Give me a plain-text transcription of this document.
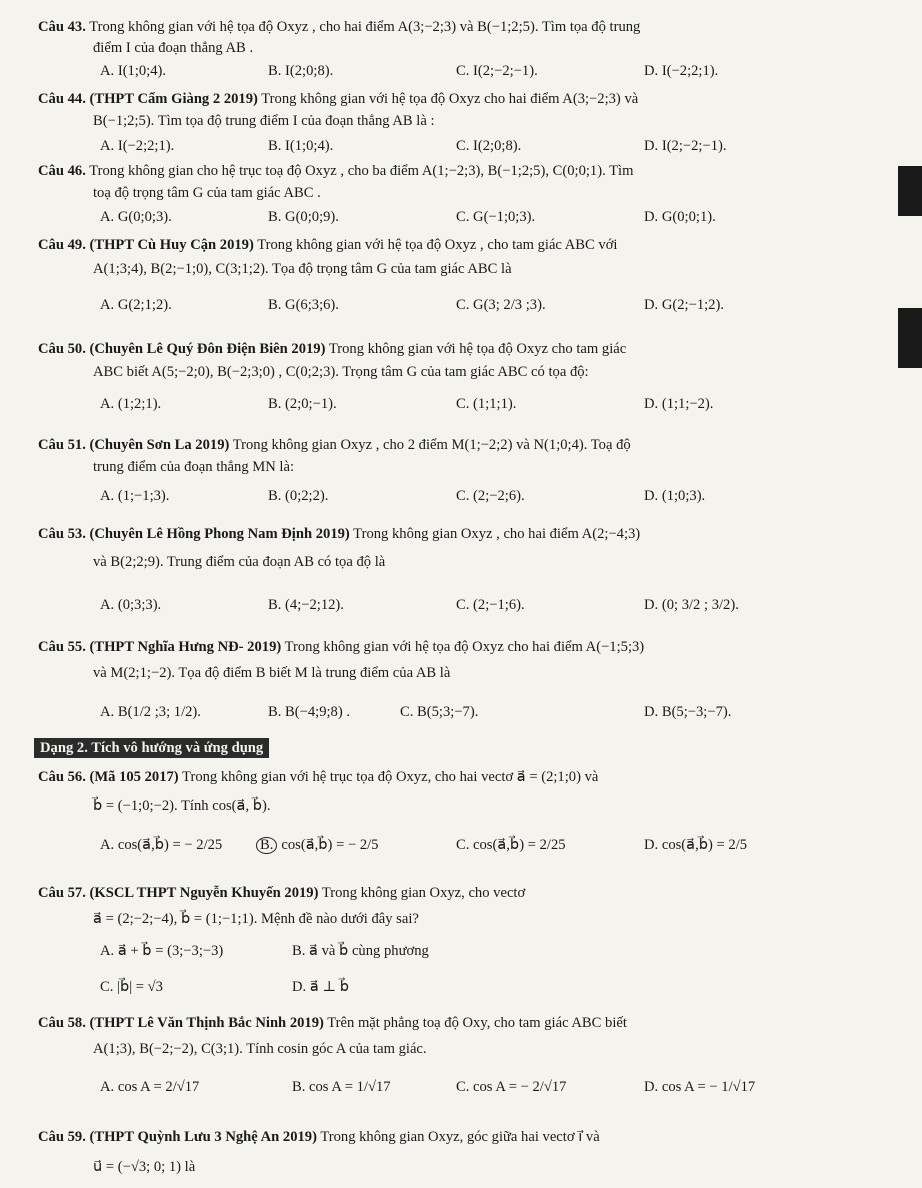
Câu 43. Trong không gian với hệ tọa độ Oxyz , cho hai điểm A(3;−2;3) và B(−1;2;5). Tìm tọa độ trung
điểm I của đoạn thẳng AB .
A. I(1;0;4).	B. I(2;0;8).	C. I(2;−2;−1).	D. I(−2;2;1).
Câu 44. (THPT Cẩm Giàng 2 2019) Trong không gian với hệ tọa độ Oxyz cho hai điểm A(3;−2;3) và
B(−1;2;5). Tìm tọa độ trung điểm I của đoạn thẳng AB là :
A. I(−2;2;1).	B. I(1;0;4).	C. I(2;0;8).	D. I(2;−2;−1).
Câu 46. Trong không gian cho hệ trục toạ độ Oxyz , cho ba điểm A(1;−2;3), B(−1;2;5), C(0;0;1). Tìm
toạ độ trọng tâm G của tam giác ABC .
A. G(0;0;3).	B. G(0;0;9).	C. G(−1;0;3).	D. G(0;0;1).
Câu 49. (THPT Cù Huy Cận 2019) Trong không gian với hệ tọa độ Oxyz , cho tam giác ABC với
A(1;3;4), B(2;−1;0), C(3;1;2). Tọa độ trọng tâm G của tam giác ABC là
A. G(2;1;2).	B. G(6;3;6).	C. G(3; 2/3 ;3).	D. G(2;−1;2).
Câu 50. (Chuyên Lê Quý Đôn Điện Biên 2019) Trong không gian với hệ tọa độ Oxyz cho tam giác
ABC biết A(5;−2;0), B(−2;3;0) , C(0;2;3). Trọng tâm G của tam giác ABC có tọa độ:
A. (1;2;1).	B. (2;0;−1).	C. (1;1;1).	D. (1;1;−2).
Câu 51. (Chuyên Sơn La 2019) Trong không gian Oxyz , cho 2 điểm M(1;−2;2) và N(1;0;4). Toạ độ
trung điểm của đoạn thẳng MN là:
A. (1;−1;3).	B. (0;2;2).	C. (2;−2;6).	D. (1;0;3).
Câu 53. (Chuyên Lê Hồng Phong Nam Định 2019) Trong không gian Oxyz , cho hai điểm A(2;−4;3)
và B(2;2;9). Trung điểm của đoạn AB có tọa độ là
A. (0;3;3).	B. (4;−2;12).	C. (2;−1;6).	D. (0; 3/2 ; 3/2).
Câu 55. (THPT Nghĩa Hưng NĐ- 2019) Trong không gian với hệ tọa độ Oxyz cho hai điểm A(−1;5;3)
và M(2;1;−2). Tọa độ điểm B biết M là trung điểm của AB là
A. B(1/2 ;3; 1/2).	B. B(−4;9;8) .	C. B(5;3;−7).	D. B(5;−3;−7).
Dạng 2. Tích vô hướng và ứng dụng
Câu 56. (Mã 105 2017) Trong không gian với hệ trục tọa độ Oxyz, cho hai vectơ a⃗ = (2;1;0) và
b⃗ = (−1;0;−2). Tính cos(a⃗, b⃗).
A. cos(a⃗,b⃗) = − 2/25	B. cos(a⃗,b⃗) = − 2/5	C. cos(a⃗,b⃗) = 2/25	D. cos(a⃗,b⃗) = 2/5
Câu 57. (KSCL THPT Nguyễn Khuyến 2019) Trong không gian Oxyz, cho vectơ
a⃗ = (2;−2;−4), b⃗ = (1;−1;1). Mệnh đề nào dưới đây sai?
A. a⃗ + b⃗ = (3;−3;−3)	B. a⃗ và b⃗ cùng phương
C. |b⃗| = √3	D. a⃗ ⊥ b⃗
Câu 58. (THPT Lê Văn Thịnh Bắc Ninh 2019) Trên mặt phẳng toạ độ Oxy, cho tam giác ABC biết
A(1;3), B(−2;−2), C(3;1). Tính cosin góc A của tam giác.
A. cos A = 2/√17	B. cos A = 1/√17	C. cos A = − 2/√17	D. cos A = − 1/√17
Câu 59. (THPT Quỳnh Lưu 3 Nghệ An 2019) Trong không gian Oxyz, góc giữa hai vectơ i⃗ và
u⃗ = (−√3; 0; 1) là
